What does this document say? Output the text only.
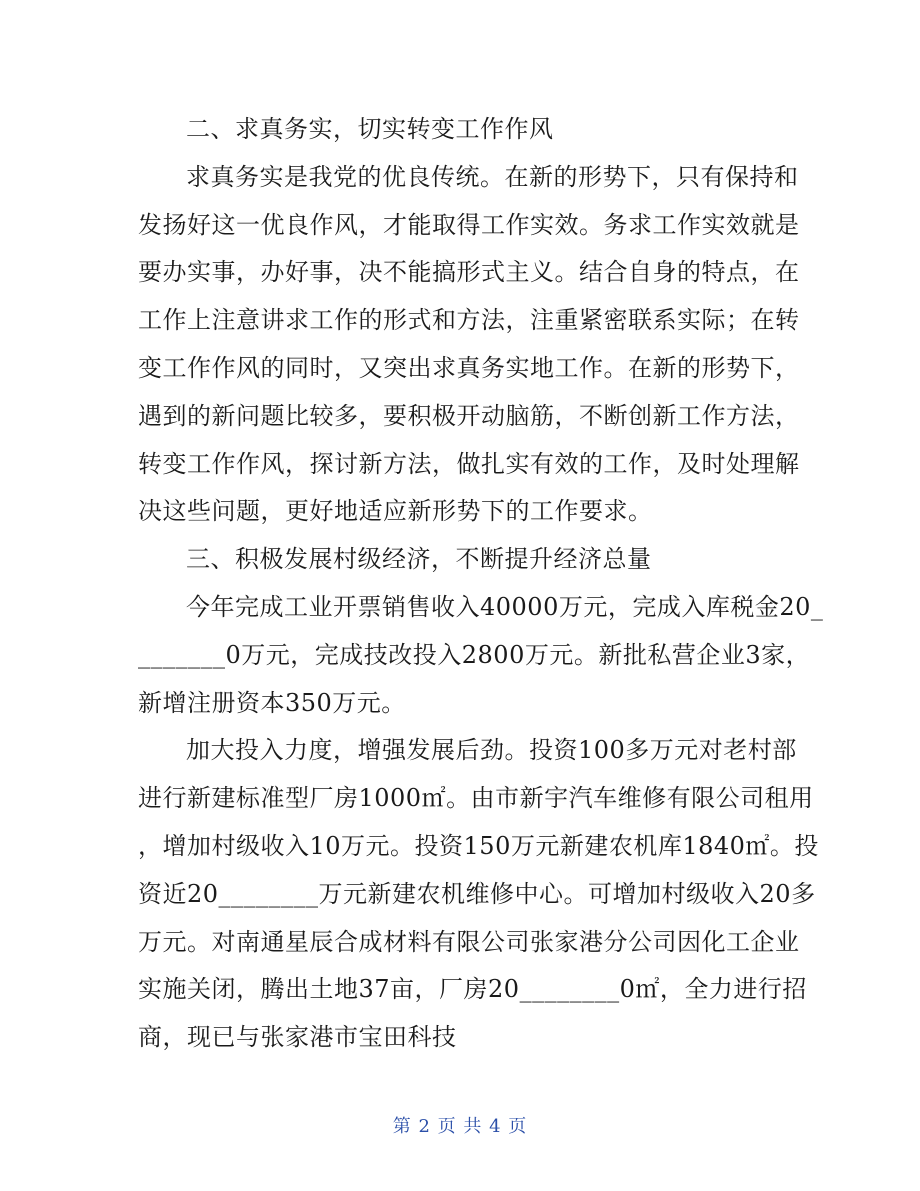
二、求真务实，切实转变工作作风

求真务实是我党的优良传统。在新的形势下，只有保持和
发扬好这一优良作风，才能取得工作实效。务求工作实效就是
要办实事，办好事，决不能搞形式主义。结合自身的特点，在
工作上注意讲求工作的形式和方法，注重紧密联系实际；在转
变工作作风的同时，又突出求真务实地工作。在新的形势下，
遇到的新问题比较多，要积极开动脑筋，不断创新工作方法，
转变工作作风，探讨新方法，做扎实有效的工作，及时处理解
决这些问题，更好地适应新形势下的工作要求。

三、积极发展村级经济，不断提升经济总量

今年完成工业开票销售收入40000万元，完成入库税金20_
_______0万元，完成技改投入2800万元。新批私营企业3家，
新增注册资本350万元。

加大投入力度，增强发展后劲。投资100多万元对老村部
进行新建标准型厂房1000㎡。由市新宇汽车维修有限公司租用
，增加村级收入10万元。投资150万元新建农机库1840㎡。投
资近20________万元新建农机维修中心。可增加村级收入20多
万元。对南通星辰合成材料有限公司张家港分公司因化工企业
实施关闭，腾出土地37亩，厂房20________0㎡，全力进行招
商，现已与张家港市宝田科技

第 2 页 共 4 页
